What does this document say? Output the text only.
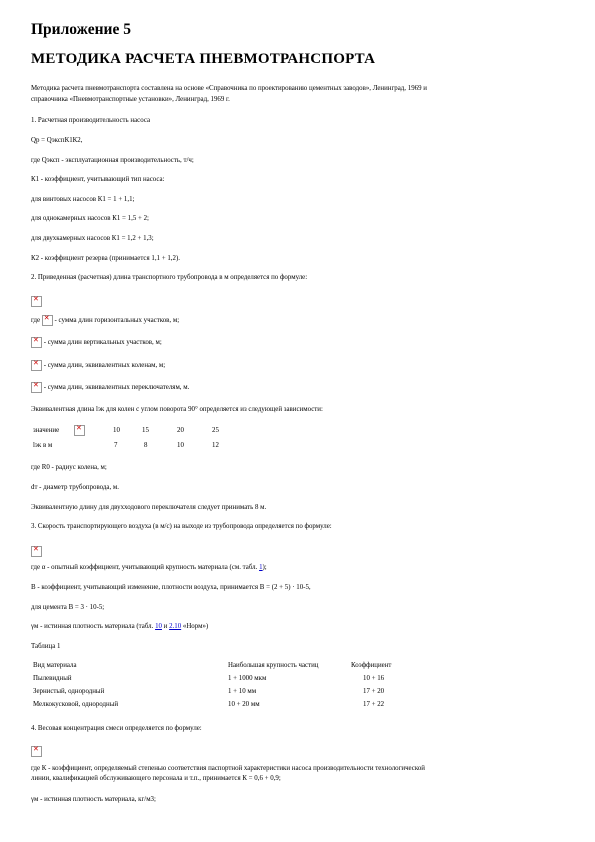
Приложение 5
МЕТОДИКА РАСЧЕТА ПНЕВМОТРАНСПОРТА
Методика расчета пневмотранспорта составлена на основе «Справочника по проектированию цементных заводов», Ленинград, 1969 и
справочника «Пневмотранспортные установки», Ленинград, 1969 г.
1. Расчетная производительность насоса
Qр = QэкспК1К2,
где Qэксп - эксплуатационная производительность, т/ч;
К1 - коэффициент, учитывающий тип насоса:
для винтовых насосов К1 = 1 + 1,1;
для однокамерных насосов К1 = 1,5 + 2;
для двухкамерных насосов К1 = 1,2 + 1,3;
К2 - коэффициент резерва (принимается 1,1 + 1,2).
2. Приведенная (расчетная) длина транспортного трубопровода в м определяется по формуле:
✕
где ✕ - сумма длин горизонтальных участков, м;
✕ - сумма длин вертикальных участков, м;
✕ - сумма длин, эквивалентных коленам, м;
✕ - сумма длин, эквивалентных переключателям, м.
Эквивалентная длина lэк для колен с углом поворота 90° определяется из следующей зависимости:
значение ✕	10	15	20	25
lэк в м	7	8	10	12
где R0 - радиус колена, м;
dт - диаметр трубопровода, м.
Эквивалентную длину для двухходового переключателя следует принимать 8 м.
3. Скорость транспортирующего воздуха (в м/с) на выходе из трубопровода определяется по формуле:
✕
где α - опытный коэффициент, учитывающий крупность материала (см. табл. 1);
В - коэффициент, учитывающий изменение, плотности воздуха, принимается В = (2 + 5) · 10-5,
для цемента В = 3 · 10-5;
γм - истинная плотность материала (табл. 10 и 2.10 «Норм»)
Таблица 1
Вид материала	Наибольшая крупность частиц	Коэффициент
Пылевидный	1 + 1000 мкм	10 + 16
Зернистый, однородный	1 + 10 мм	17 + 20
Мелкокусковой, однородный	10 + 20 мм	17 + 22
4. Весовая концентрация смеси определяется по формуле:
✕
где К - коэффициент, определяемый степенью соответствия паспортной характеристики насоса производительности технологической
линии, квалификацией обслуживающего персонала и т.п., принимается К = 0,6 + 0,9;
γм - истинная плотность материала, кг/м3;
